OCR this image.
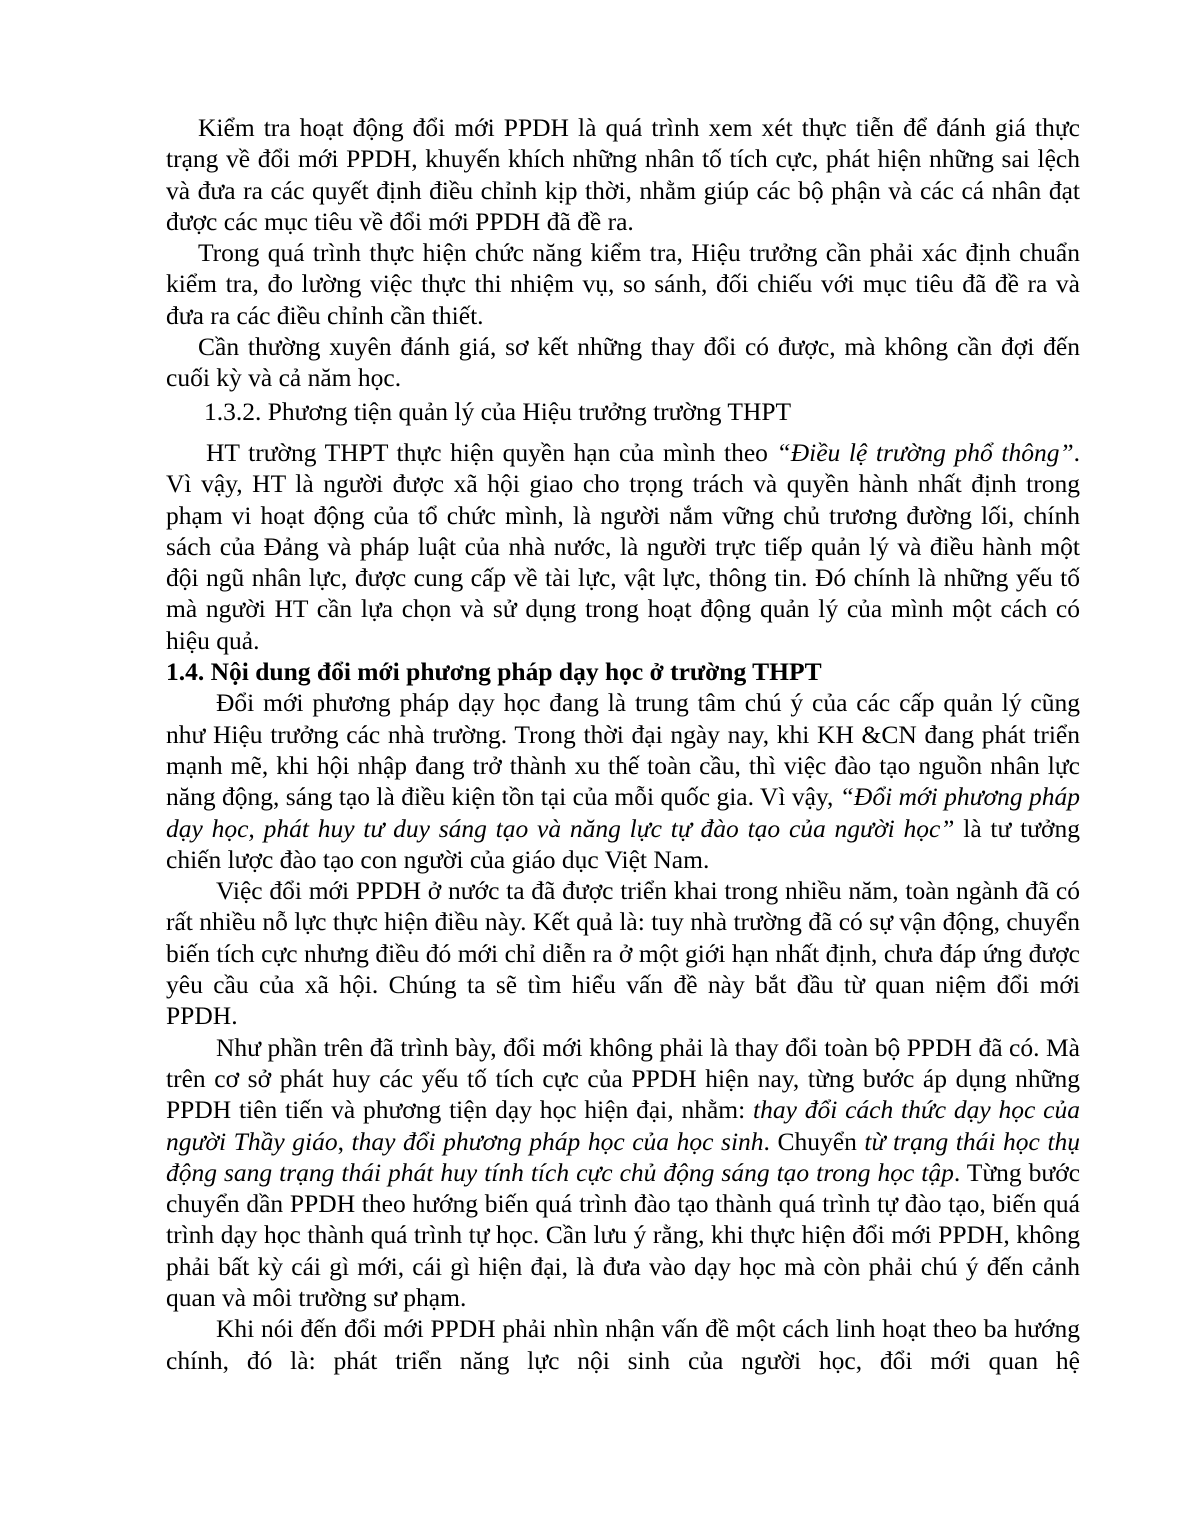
Kiểm tra hoạt động đổi mới PPDH là quá trình xem xét thực tiễn để đánh giá thực trạng về đổi mới PPDH, khuyến khích những nhân tố tích cực, phát hiện những sai lệch và đưa ra các quyết định điều chỉnh kịp thời, nhằm giúp các bộ phận và các cá nhân đạt được các mục tiêu về đổi mới PPDH đã đề ra.

Trong quá trình thực hiện chức năng kiểm tra, Hiệu trưởng cần phải xác định chuẩn kiểm tra, đo lường việc thực thi nhiệm vụ, so sánh, đối chiếu với mục tiêu đã đề ra và đưa ra các điều chỉnh cần thiết.

Cần thường xuyên đánh giá, sơ kết những thay đổi có được, mà không cần đợi đến cuối kỳ và cả năm học.

1.3.2. Phương tiện quản lý của Hiệu trưởng trường THPT

HT trường THPT thực hiện quyền hạn của mình theo “Điều lệ trường phổ thông”. Vì vậy, HT là người được xã hội giao cho trọng trách và quyền hành nhất định trong phạm vi hoạt động của tổ chức mình, là người nắm vững chủ trương đường lối, chính sách của Đảng và pháp luật của nhà nước, là người trực tiếp quản lý và điều hành một đội ngũ nhân lực, được cung cấp về tài lực, vật lực, thông tin. Đó chính là những yếu tố mà người HT cần lựa chọn và sử dụng trong hoạt động quản lý của mình một cách có hiệu quả.

1.4. Nội dung đổi mới phương pháp dạy học ở trường THPT

Đổi mới phương pháp dạy học đang là trung tâm chú ý của các cấp quản lý cũng như Hiệu trưởng các nhà trường. Trong thời đại ngày nay, khi KH &CN đang phát triển mạnh mẽ, khi hội nhập đang trở thành xu thế toàn cầu, thì việc đào tạo nguồn nhân lực năng động, sáng tạo là điều kiện tồn tại của mỗi quốc gia. Vì vậy, “Đổi mới phương pháp dạy học, phát huy tư duy sáng tạo và năng lực tự đào tạo của người học” là tư tưởng chiến lược đào tạo con người của giáo dục Việt Nam.

Việc đổi mới PPDH ở nước ta đã được triển khai trong nhiều năm, toàn ngành đã có rất nhiều nỗ lực thực hiện điều này. Kết quả là: tuy nhà trường đã có sự vận động, chuyển biến tích cực nhưng điều đó mới chỉ diễn ra ở một giới hạn nhất định, chưa đáp ứng được yêu cầu của xã hội. Chúng ta sẽ tìm hiểu vấn đề này bắt đầu từ quan niệm đổi mới PPDH.

Như phần trên đã trình bày, đổi mới không phải là thay đổi toàn bộ PPDH đã có. Mà trên cơ sở phát huy các yếu tố tích cực của PPDH hiện nay, từng bước áp dụng những PPDH tiên tiến và phương tiện dạy học hiện đại, nhằm: thay đổi cách thức dạy học của người Thầy giáo, thay đổi phương pháp học của học sinh. Chuyển từ trạng thái học thụ động sang trạng thái phát huy tính tích cực chủ động sáng tạo trong học tập. Từng bước chuyển dần PPDH theo hướng biến quá trình đào tạo thành quá trình tự đào tạo, biến quá trình dạy học thành quá trình tự học. Cần lưu ý rằng, khi thực hiện đổi mới PPDH, không phải bất kỳ cái gì mới, cái gì hiện đại, là đưa vào dạy học mà còn phải chú ý đến cảnh quan và môi trường sư phạm.

Khi nói đến đổi mới PPDH phải nhìn nhận vấn đề một cách linh hoạt theo ba hướng chính, đó là: phát triển năng lực nội sinh của người học, đổi mới quan hệ
